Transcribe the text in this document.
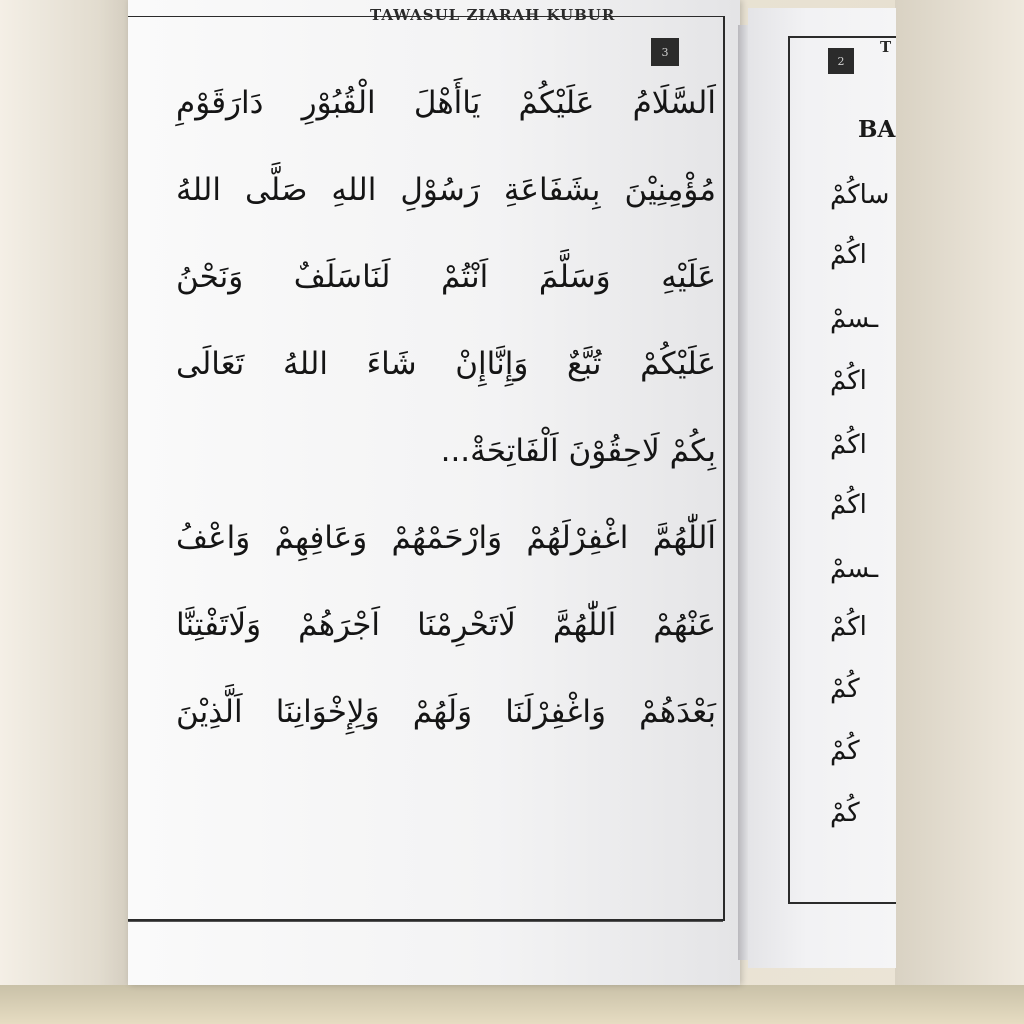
TAWASUL ZIARAH KUBUR
3
اَلسَّلَامُ عَلَيْكُمْ يَاأَهْلَ الْقُبُوْرِ دَارَقَوْمِ
مُؤْمِنِيْنَ بِشَفَاعَةِ رَسُوْلِ اللهِ صَلَّى اللهُ
عَلَيْهِ وَسَلَّمَ اَنْتُمْ لَنَاسَلَفٌ وَنَحْنُ
عَلَيْكُمْ تُبَّعٌ وَإِنَّاإِنْ شَاءَ اللهُ تَعَالَى
بِكُمْ لَاحِقُوْنَ اَلْفَاتِحَةْ...
اَللّٰهُمَّ اغْفِرْلَهُمْ وَارْحَمْهُمْ وَعَافِهِمْ وَاعْفُ
عَنْهُمْ اَللّٰهُمَّ لَاتَحْرِمْنَا اَجْرَهُمْ وَلَاتَفْتِنَّا
بَعْدَهُمْ وَاغْفِرْلَنَا وَلَهُمْ وَلِإِخْوَانِنَا اَلَّذِيْنَ
2
T
BA
ساكُمْ
اكُمْ
ـسمْ
اكُمْ
اكُمْ
اكُمْ
ـسمْ
اكُمْ
كُمْ
كُمْ
كُمْ
